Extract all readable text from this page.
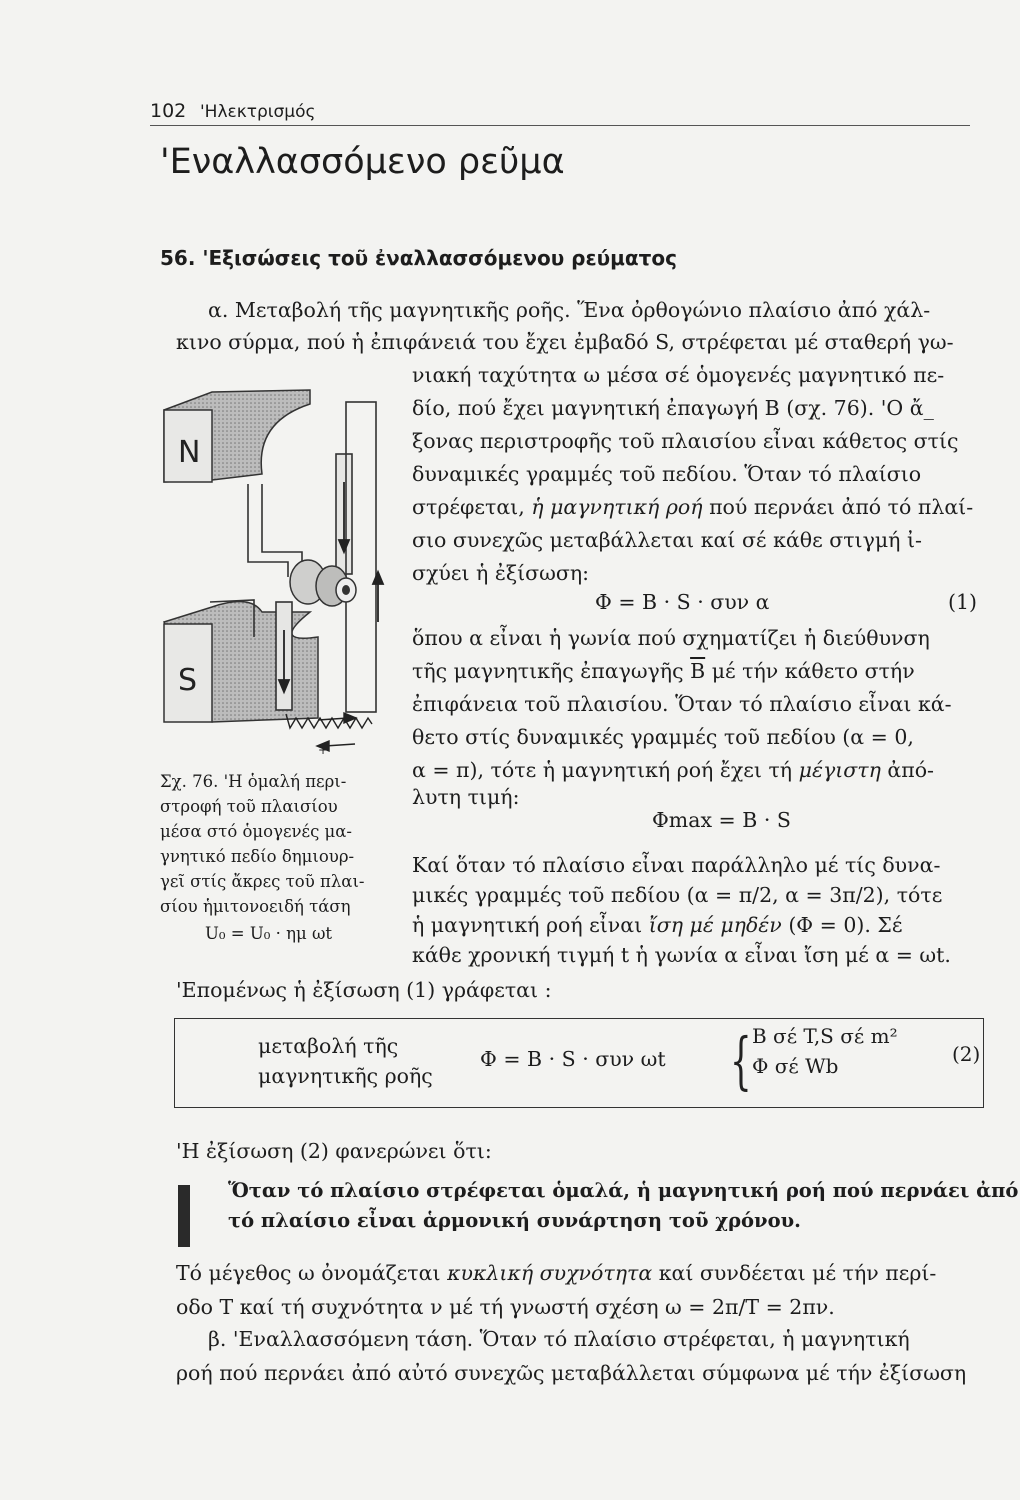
102 'Ηλεκτρισμός
'Εναλλασσόμενο ρεῦμα
56. 'Εξισώσεις τοῦ ἐναλλασσόμενου ρεύματος
α. Μεταβολή τῆς μαγνητικῆς ροῆς. Ἕνα ὀρθογώνιο πλαίσιο ἀπό χάλ-
κινο σύρμα, πού ἡ ἐπιφάνειά του ἔχει ἐμβαδό S, στρέφεται μέ σταθερή γω-
N
S
+
νιακή ταχύτητα ω μέσα σέ ὁμογενές μαγνητικό πε-
δίο, πού ἔχει μαγνητική ἐπαγωγή B (σχ. 76). 'Ο ἄ_
ξονας περιστροφῆς τοῦ πλαισίου εἶναι κάθετος στίς
δυναμικές γραμμές τοῦ πεδίου. Ὅταν τό πλαίσιο
στρέφεται, ἡ μαγνητική ροή πού περνάει ἀπό τό πλαί-
σιο συνεχῶς μεταβάλλεται καί σέ κάθε στιγμή ἰ-
σχύει ἡ ἐξίσωση:
Φ = B · S · συν α	(1)
ὅπου α εἶναι ἡ γωνία πού σχηματίζει ἡ διεύθυνση
τῆς μαγνητικῆς ἐπαγωγῆς $\overline{B}$ μέ τήν κάθετο στήν
ἐπιφάνεια τοῦ πλαισίου. Ὅταν τό πλαίσιο εἶναι κά-
θετο στίς δυναμικές γραμμές τοῦ πεδίου (α = 0,
α = π), τότε ἡ μαγνητική ροή ἔχει τή μέγιστη ἀπό-
λυτη τιμή:
Φmax = B · S
Καί ὅταν τό πλαίσιο εἶναι παράλληλο μέ τίς δυνα-
μικές γραμμές τοῦ πεδίου (α = π/2, α = 3π/2), τότε
ἡ μαγνητική ροή εἶναι ἴση μέ μηδέν (Φ = 0). Σέ
κάθε χρονική τιγμή t ἡ γωνία α εἶναι ἴση μέ α = ωt.
Σχ. 76. 'Η ὁμαλή περι-
στροφή τοῦ πλαισίου
μέσα στό ὁμογενές μα-
γνητικό πεδίο δημιουρ-
γεῖ στίς ἄκρες τοῦ πλαι-
σίου ἡμιτονοειδή τάση
U₀ = U₀ · ημ ωt
'Επομένως ἡ ἐξίσωση (1) γράφεται :
μεταβολή τῆς
μαγνητικῆς ροῆς
Φ = B · S · συν ωt { B σέ T,S σέ m²
Φ σέ Wb	(2)
'Η ἐξίσωση (2) φανερώνει ὅτι:
Ὅταν τό πλαίσιο στρέφεται ὁμαλά, ἡ μαγνητική ροή πού περνάει ἀπό
τό πλαίσιο εἶναι ἁρμονική συνάρτηση τοῦ χρόνου.
Τό μέγεθος ω ὀνομάζεται κυκλική συχνότητα καί συνδέεται μέ τήν περί-
οδο T καί τή συχνότητα ν μέ τή γνωστή σχέση ω = 2π/T = 2πν.
β. 'Εναλλασσόμενη τάση. Ὅταν τό πλαίσιο στρέφεται, ἡ μαγνητική
ροή πού περνάει ἀπό αὐτό συνεχῶς μεταβάλλεται σύμφωνα μέ τήν ἐξίσωση
